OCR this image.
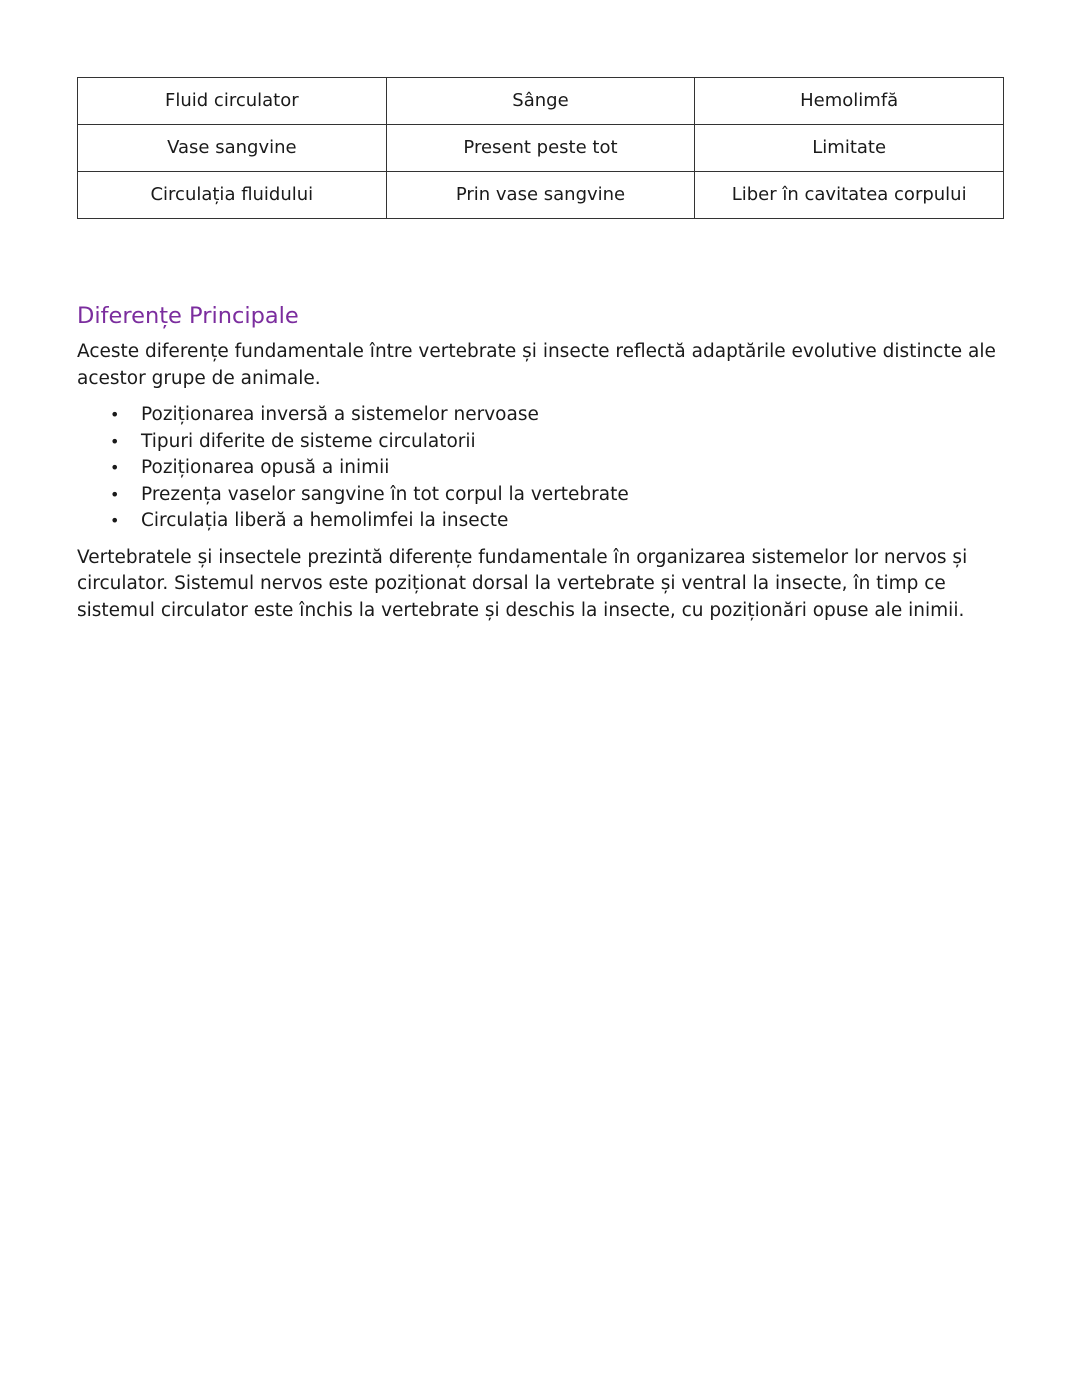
Fluid circulator	Sânge	Hemolimfă
Vase sangvine	Present peste tot	Limitate
Circulația fluidului	Prin vase sangvine	Liber în cavitatea corpului
Diferențe Principale

Aceste diferențe fundamentale între vertebrate și insecte reflectă adaptările evolutive distincte ale acestor grupe de animale.

• Poziționarea inversă a sistemelor nervoase
• Tipuri diferite de sisteme circulatorii
• Poziționarea opusă a inimii
• Prezența vaselor sangvine în tot corpul la vertebrate
• Circulația liberă a hemolimfei la insecte

Vertebratele și insectele prezintă diferențe fundamentale în organizarea sistemelor lor nervos și circulator. Sistemul nervos este poziționat dorsal la vertebrate și ventral la insecte, în timp ce sistemul circulator este închis la vertebrate și deschis la insecte, cu poziționări opuse ale inimii.
